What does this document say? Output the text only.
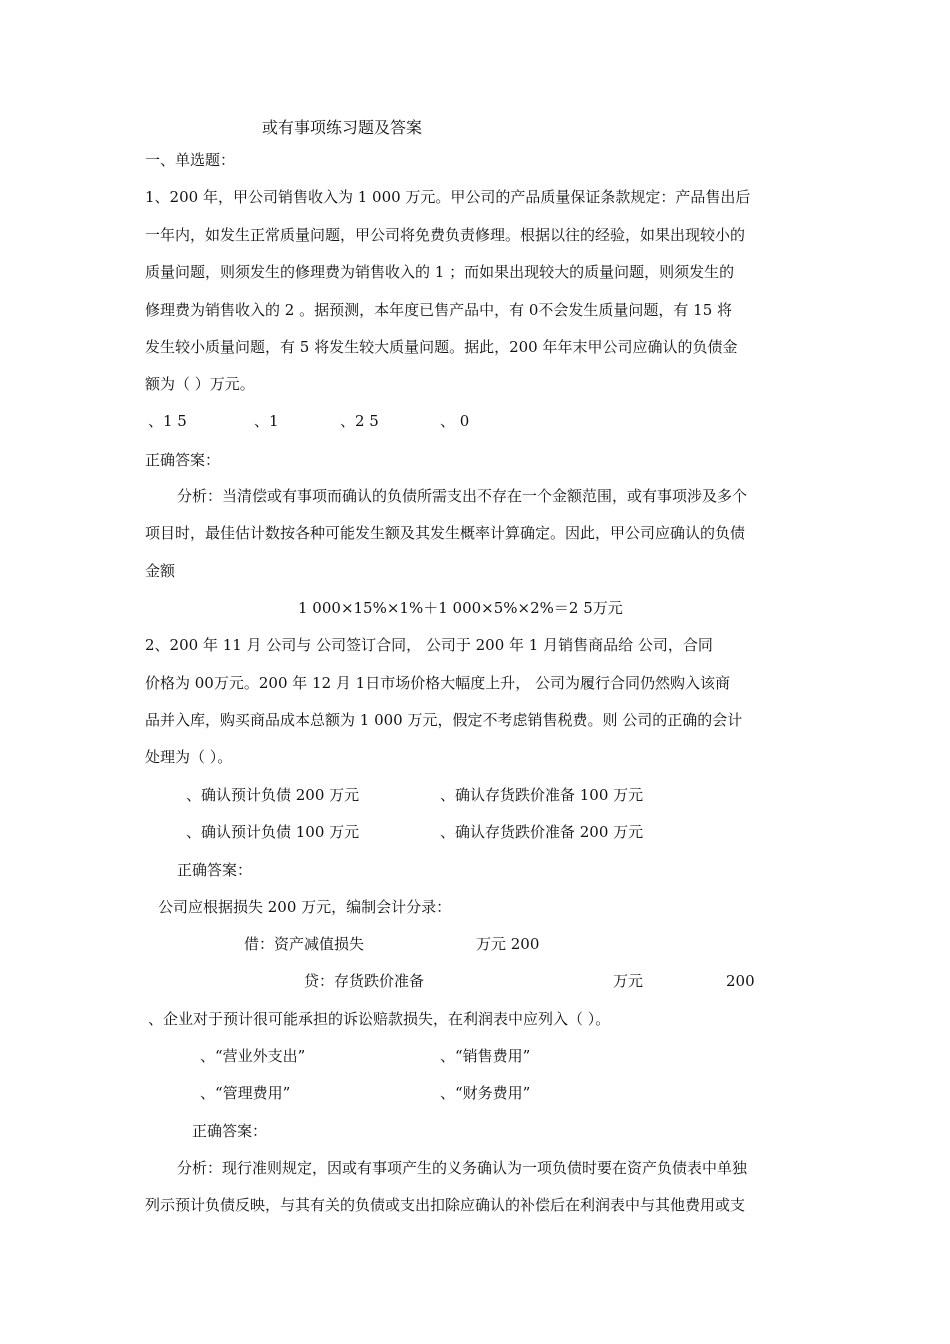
或有事项练习题及答案

一、单选题：

1、200 年，甲公司销售收入为 1 000 万元。甲公司的产品质量保证条款规定：产品售出后

一年内，如发生正常质量问题，甲公司将免费负责修理。根据以往的经验，如果出现较小的

质量问题，则须发生的修理费为销售收入的 1 ；而如果出现较大的质量问题，则须发生的

修理费为销售收入的 2 。据预测，本年度已售产品中，有 0不会发生质量问题，有 15 将

发生较小质量问题，有 5 将发生较大质量问题。据此，200 年年末甲公司应确认的负债金

额为（ ）万元。

、1 5	、1	、2 5	、 0

正确答案：

分析：当清偿或有事项而确认的负债所需支出不存在一个金额范围，或有事项涉及多个

项目时，最佳估计数按各种可能发生额及其发生概率计算确定。因此，甲公司应确认的负债

金额

1 000×15%×1%＋1 000×5%×2%＝2 5万元

2、200 年 11 月 公司与 公司签订合同， 公司于 200 年 1 月销售商品给 公司，合同

价格为 00万元。200 年 12 月 1日市场价格大幅度上升， 公司为履行合同仍然购入该商

品并入库，购买商品成本总额为 1 000 万元，假定不考虑销售税费。则 公司的正确的会计

处理为（ ）。

、确认预计负债 200 万元	、确认存货跌价准备 100 万元

、确认预计负债 100 万元	、确认存货跌价准备 200 万元

正确答案：

公司应根据损失 200 万元，编制会计分录：

借：资产减值损失	万元 200

贷：存货跌价准备	万元	200

、企业对于预计很可能承担的诉讼赔款损失，在利润表中应列入（ ）。

、“营业外支出”	、“销售费用”

、“管理费用”	、“财务费用”

正确答案：

分析：现行准则规定，因或有事项产生的义务确认为一项负债时要在资产负债表中单独

列示预计负债反映，与其有关的负债或支出扣除应确认的补偿后在利润表中与其他费用或支
